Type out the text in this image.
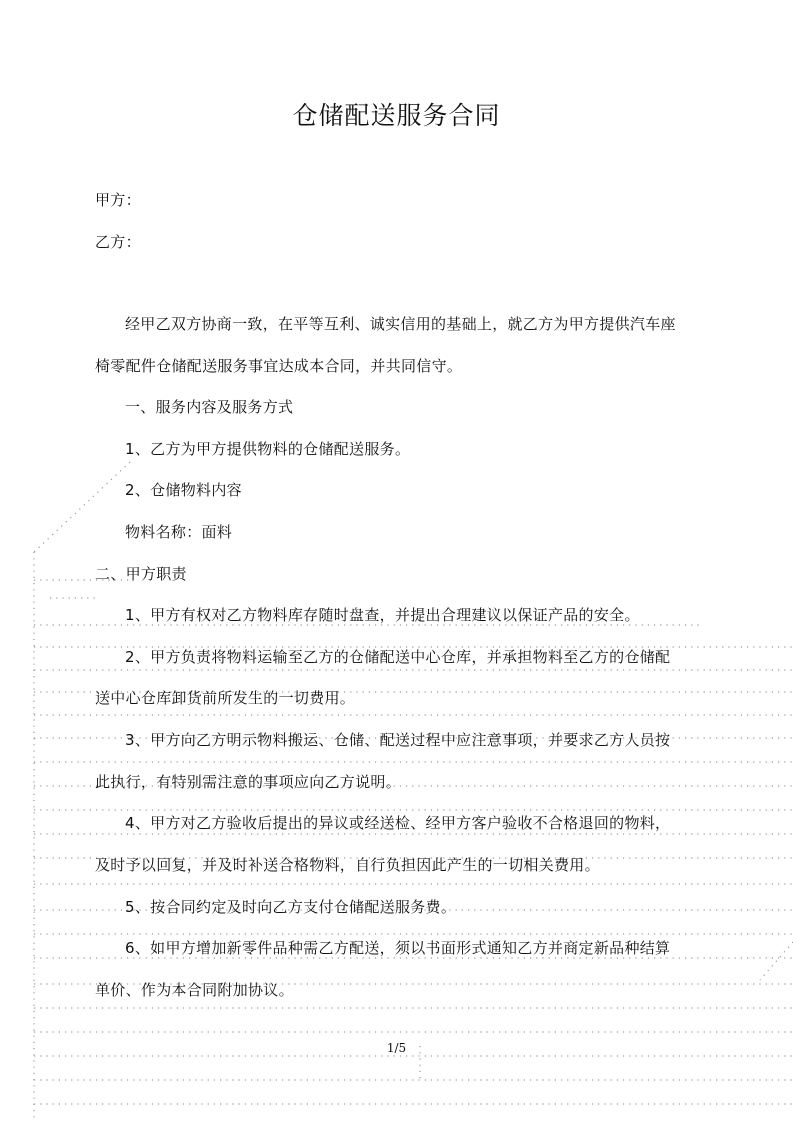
仓储配送服务合同
甲方：
乙方：
经甲乙双方协商一致，在平等互利、诚实信用的基础上，就乙方为甲方提供汽车座
椅零配件仓储配送服务事宜达成本合同，并共同信守。
一、服务内容及服务方式
1、乙方为甲方提供物料的仓储配送服务。
2、仓储物料内容
物料名称：面料
二、甲方职责
1、甲方有权对乙方物料库存随时盘查，并提出合理建议以保证产品的安全。
2、甲方负责将物料运输至乙方的仓储配送中心仓库，并承担物料至乙方的仓储配
送中心仓库卸货前所发生的一切费用。
3、甲方向乙方明示物料搬运、仓储、配送过程中应注意事项，并要求乙方人员按
此执行，有特别需注意的事项应向乙方说明。
4、甲方对乙方验收后提出的异议或经送检、经甲方客户验收不合格退回的物料，
及时予以回复，并及时补送合格物料，自行负担因此产生的一切相关费用。
5、按合同约定及时向乙方支付仓储配送服务费。
6、如甲方增加新零件品种需乙方配送，须以书面形式通知乙方并商定新品种结算
单价、作为本合同附加协议。
1/5
